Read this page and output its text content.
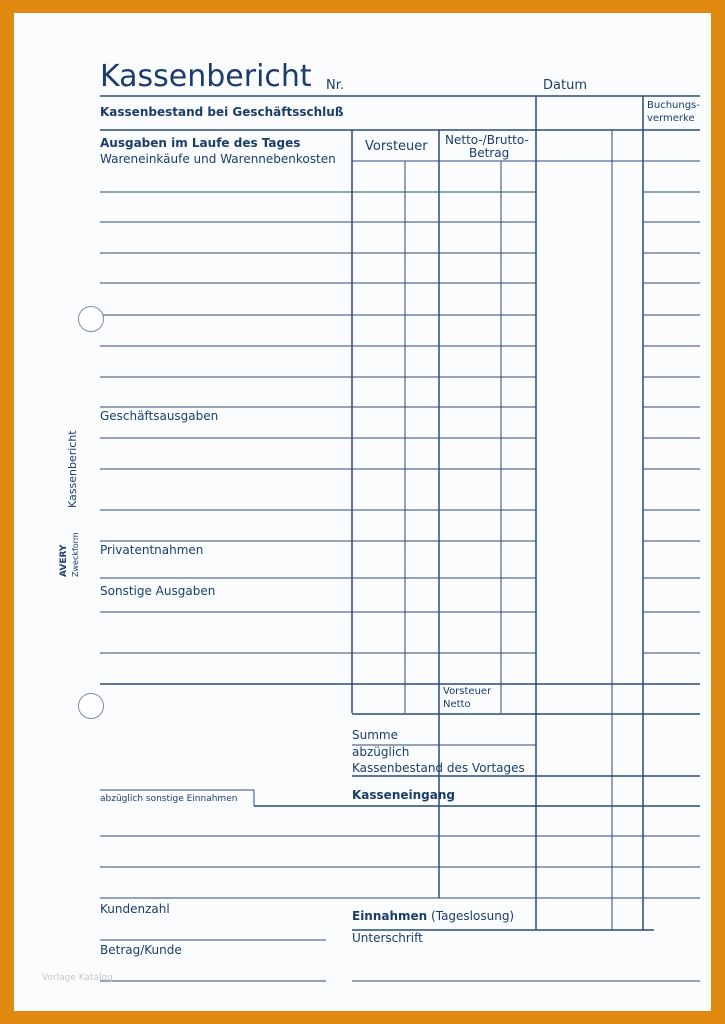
Kassenbericht Nr.	Datum
Kassenbestand bei Geschäftsschluß	Buchungs-
vermerke
Ausgaben im Laufe des Tages
Wareneinkäufe und Warennebenkosten
Vorsteuer Netto-/Brutto-
Betrag
Geschäftsausgaben
Privatentnahmen
Sonstige Ausgaben
Vorsteuer
Netto
Summe
abzüglich
Kassenbestand des Vortages
abzüglich sonstige Einnahmen	Kasseneingang
Kundenzahl	Einnahmen (Tageslosung)
Betrag/Kunde
Unterschrift
Kassenbericht
AVERY Zweckform
Vorlage Katalog
